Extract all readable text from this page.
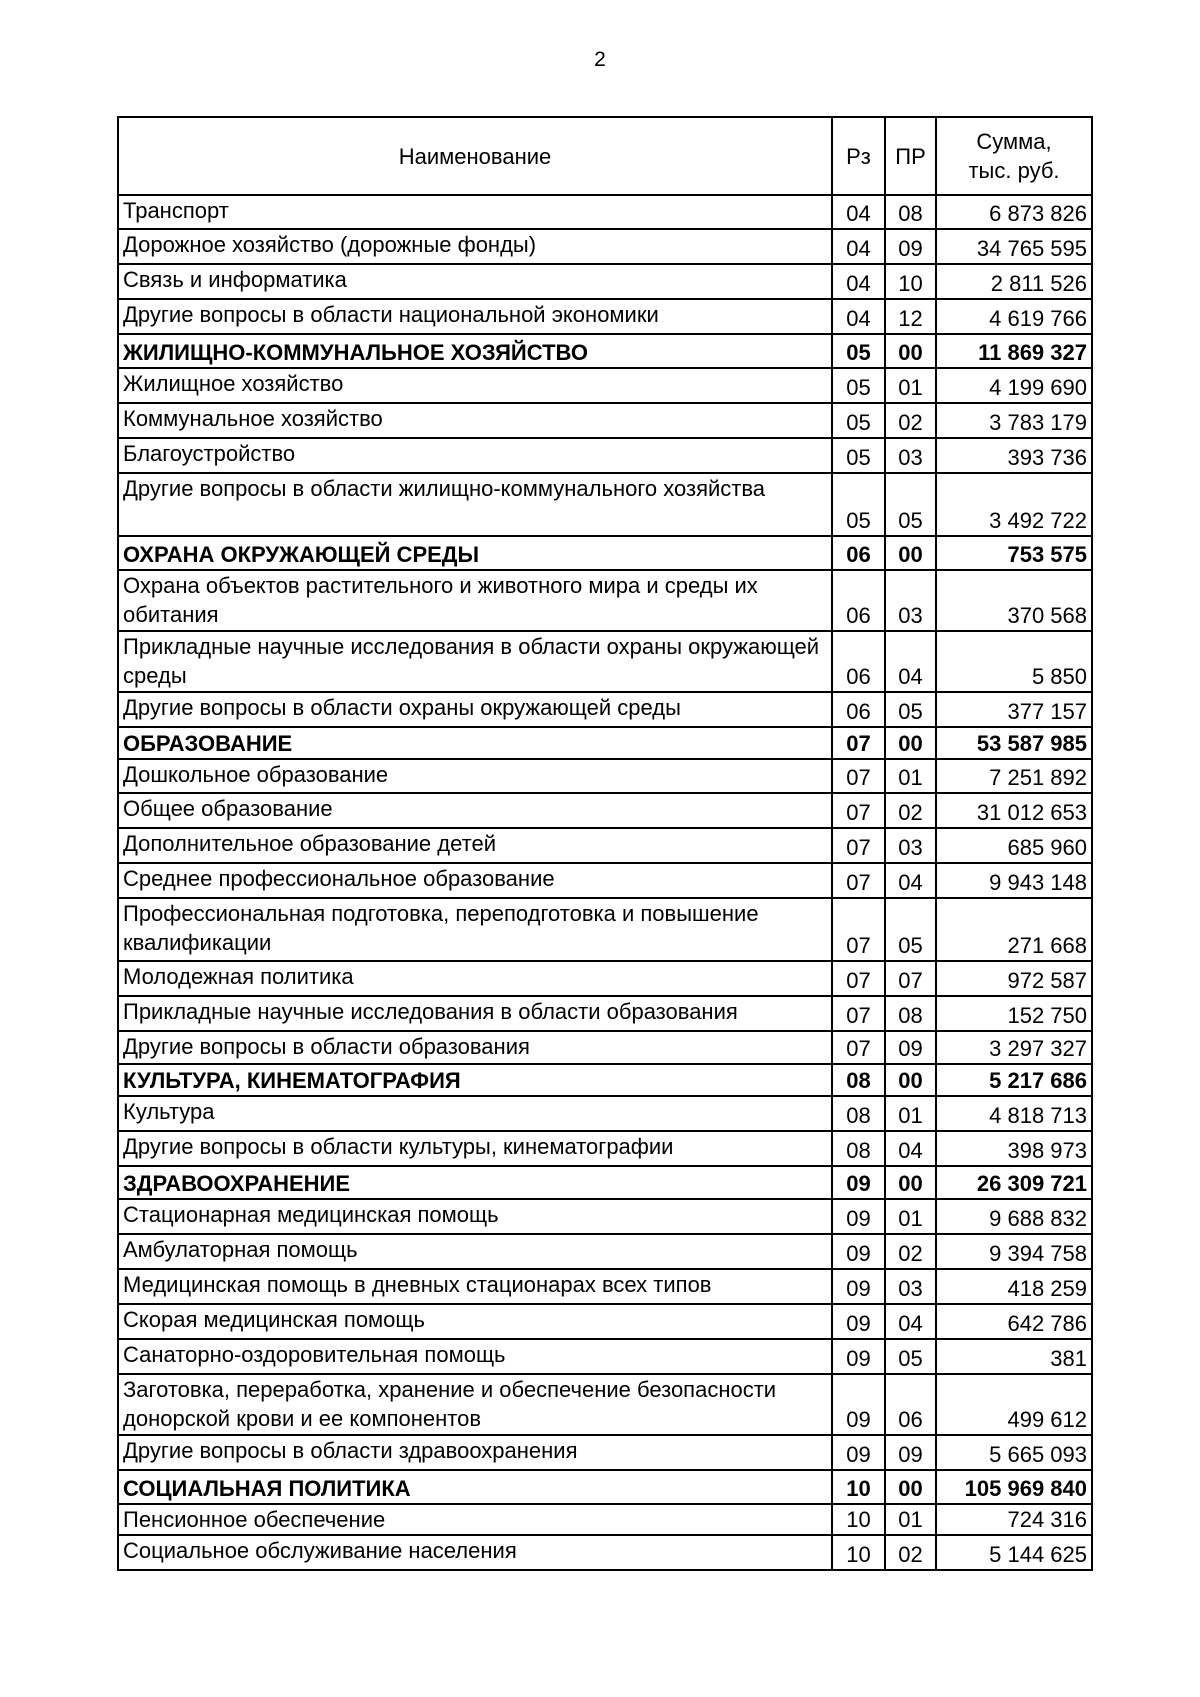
2
Наименование	Рз	ПР	Сумма,
тыс. руб.
Транспорт	04	08	6 873 826
Дорожное хозяйство (дорожные фонды)	04	09	34 765 595
Связь и информатика	04	10	2 811 526
Другие вопросы в области национальной экономики	04	12	4 619 766
ЖИЛИЩНО-КОММУНАЛЬНОЕ ХОЗЯЙСТВО	05	00	11 869 327
Жилищное хозяйство	05	01	4 199 690
Коммунальное хозяйство	05	02	3 783 179
Благоустройство	05	03	393 736
Другие вопросы в области жилищно-коммунального хозяйства	05	05	3 492 722
ОХРАНА ОКРУЖАЮЩЕЙ СРЕДЫ	06	00	753 575
Охрана объектов растительного и животного мира и среды их обитания	06	03	370 568
Прикладные научные исследования в области охраны окружающей среды	06	04	5 850
Другие вопросы в области охраны окружающей среды	06	05	377 157
ОБРАЗОВАНИЕ	07	00	53 587 985
Дошкольное образование	07	01	7 251 892
Общее образование	07	02	31 012 653
Дополнительное образование детей	07	03	685 960
Среднее профессиональное образование	07	04	9 943 148
Профессиональная подготовка, переподготовка и повышение квалификации	07	05	271 668
Молодежная политика	07	07	972 587
Прикладные научные исследования в области образования	07	08	152 750
Другие вопросы в области образования	07	09	3 297 327
КУЛЬТУРА, КИНЕМАТОГРАФИЯ	08	00	5 217 686
Культура	08	01	4 818 713
Другие вопросы в области культуры, кинематографии	08	04	398 973
ЗДРАВООХРАНЕНИЕ	09	00	26 309 721
Стационарная медицинская помощь	09	01	9 688 832
Амбулаторная помощь	09	02	9 394 758
Медицинская помощь в дневных стационарах всех типов	09	03	418 259
Скорая медицинская помощь	09	04	642 786
Санаторно-оздоровительная помощь	09	05	381
Заготовка, переработка, хранение и обеспечение безопасности донорской крови и ее компонентов	09	06	499 612
Другие вопросы в области здравоохранения	09	09	5 665 093
СОЦИАЛЬНАЯ ПОЛИТИКА	10	00	105 969 840
Пенсионное обеспечение	10	01	724 316
Социальное обслуживание населения	10	02	5 144 625
